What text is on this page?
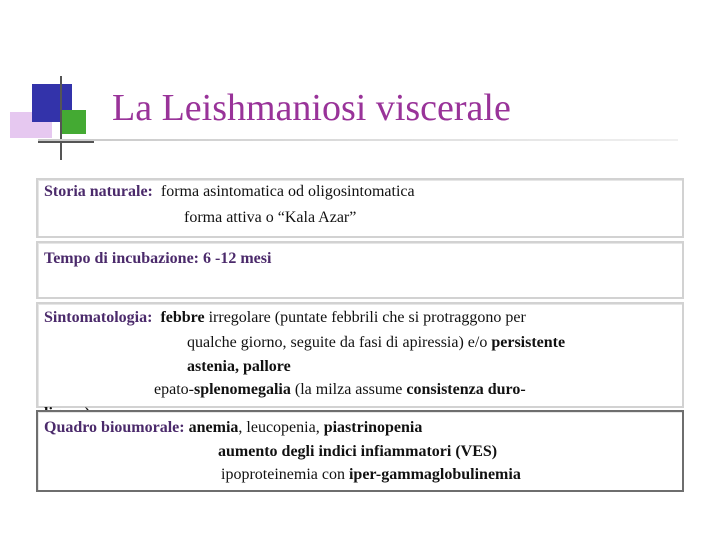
La Leishmaniosi viscerale
Storia naturale: forma asintomatica od oligosintomatica
forma attiva o “Kala Azar”
Tempo di incubazione: 6 -12 mesi
Sintomatologia: febbre irregolare (puntate febbrili che si protraggono per
qualche giorno, seguite da fasi di apiressia) e/o persistente
astenia, pallore
epato-splenomegalia (la milza assume consistenza duro-
Quadro bioumorale: anemia, leucopenia, piastrinopenia
aumento degli indici infiammatori (VES)
ipoproteinemia con iper-gammaglobulinemia
